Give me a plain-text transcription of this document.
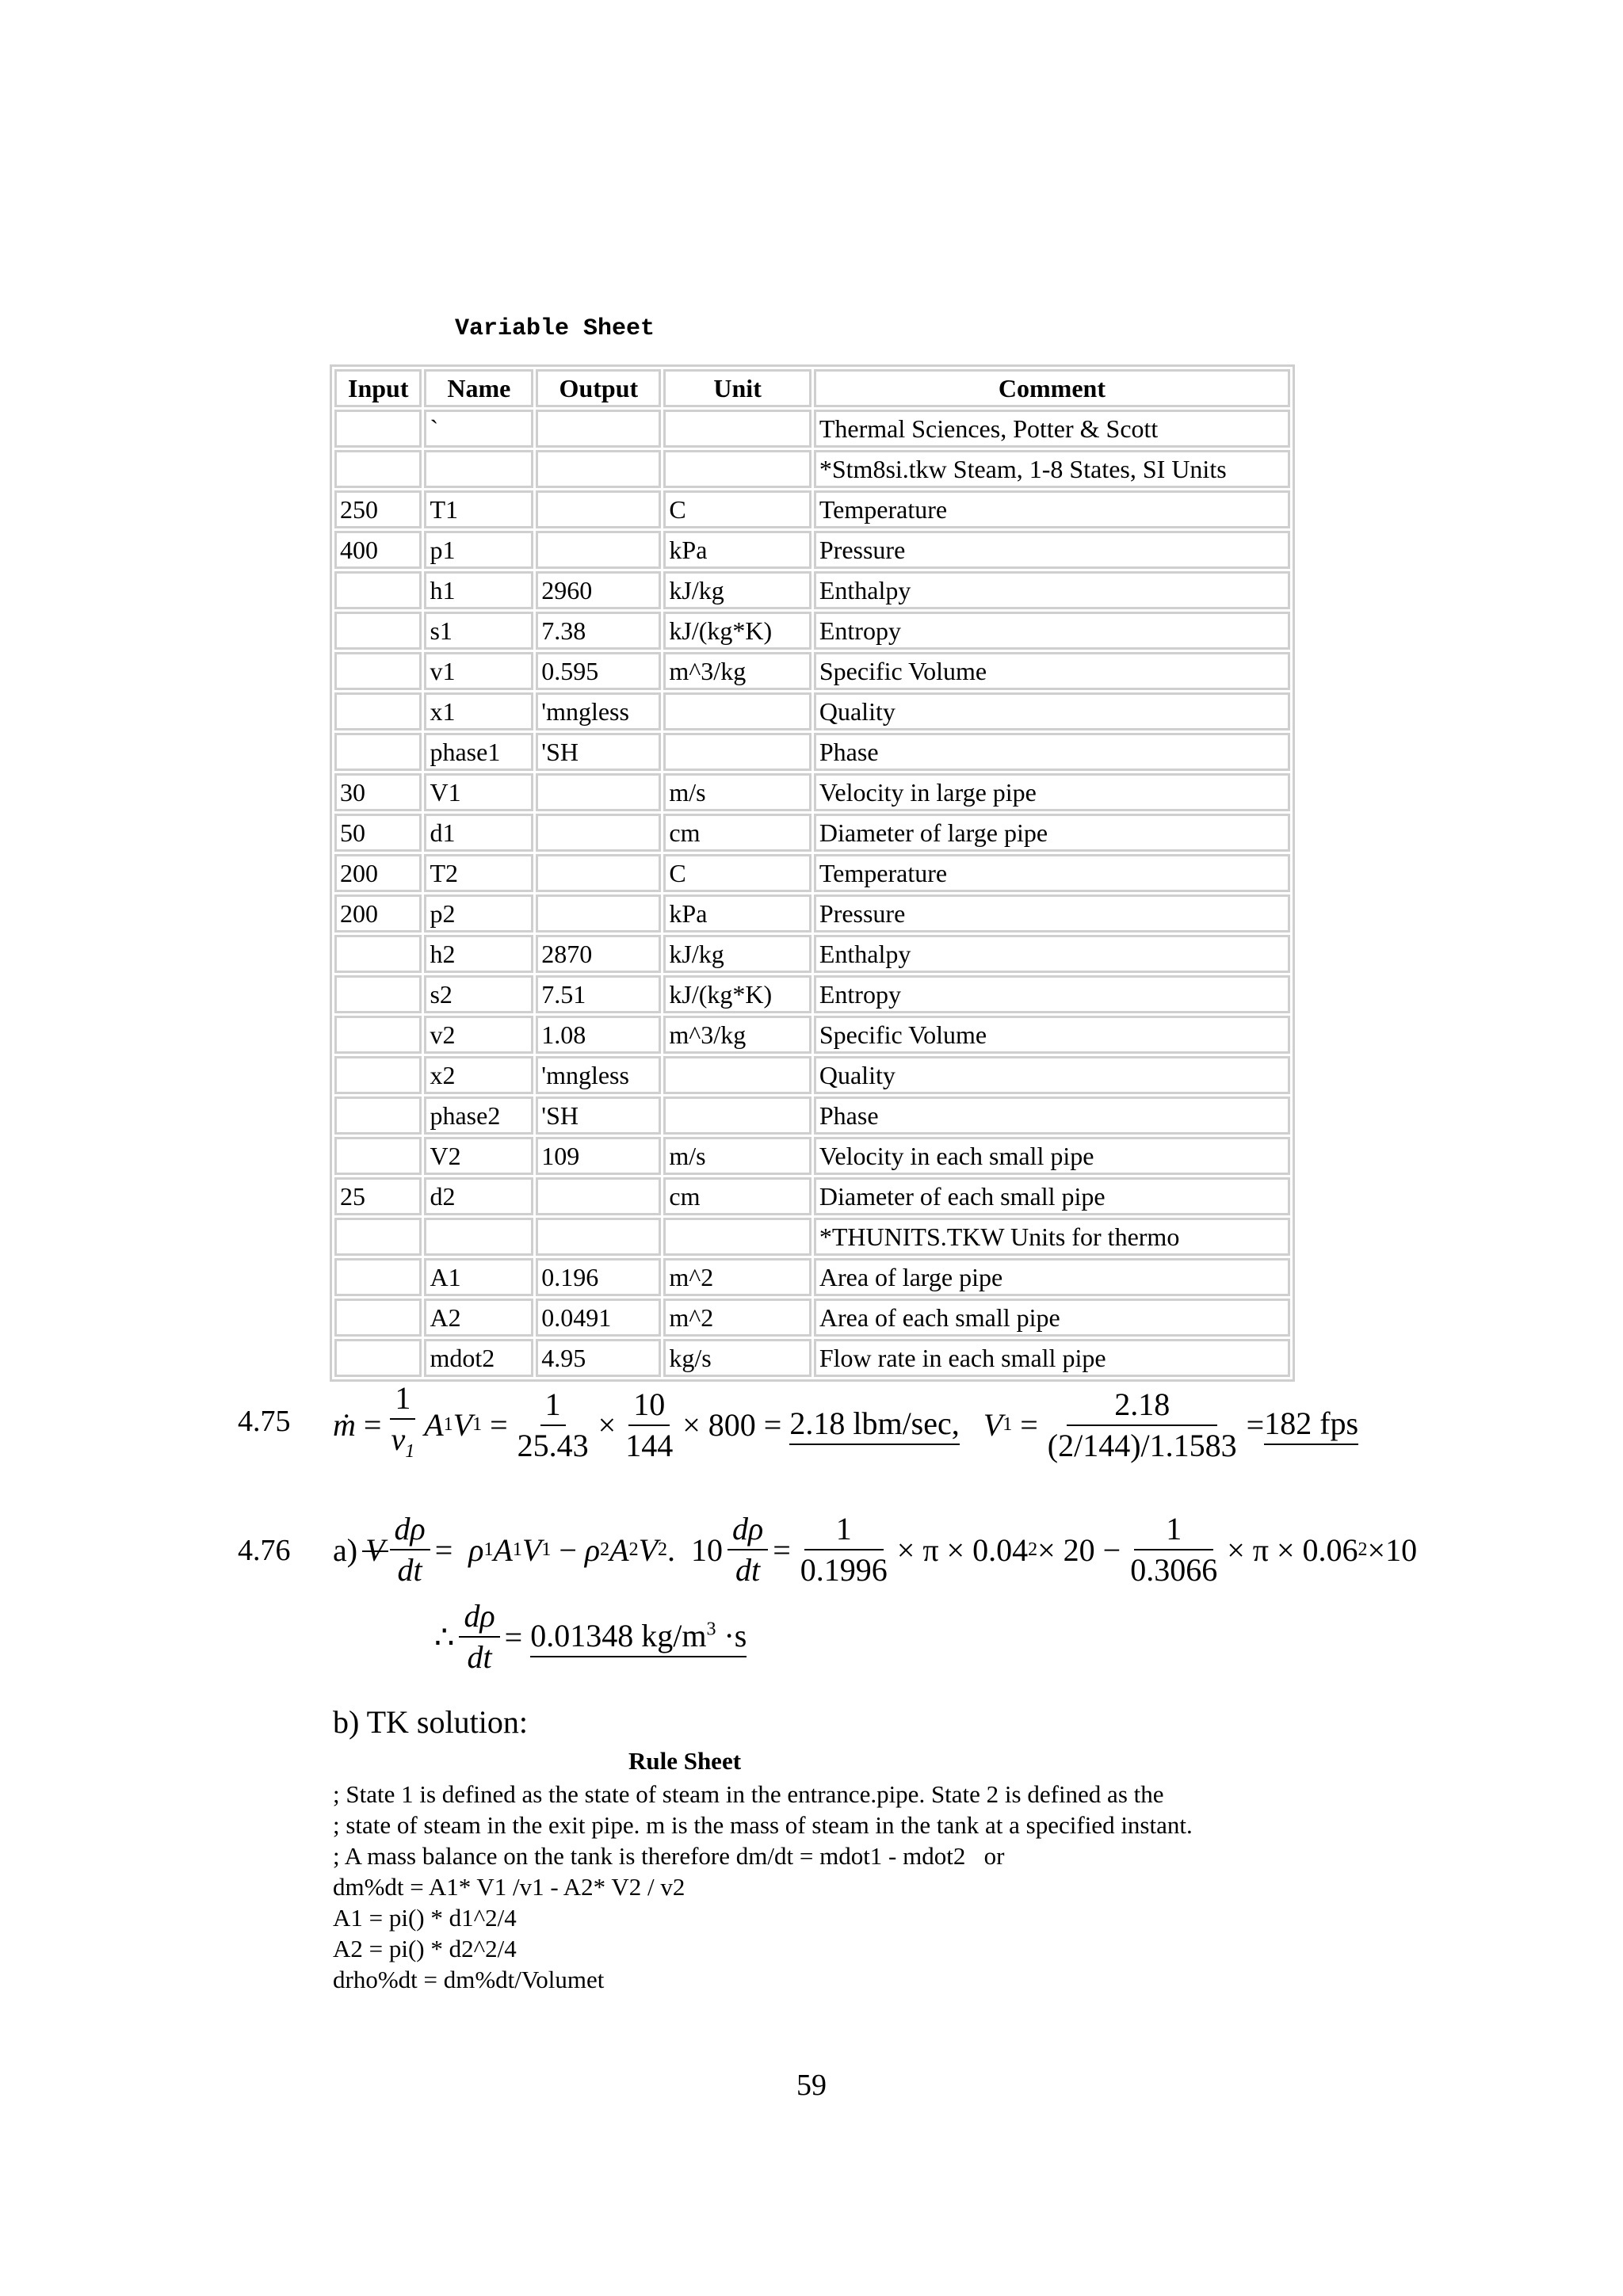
Variable Sheet
Input	Name	Output	Unit	Comment
	`			Thermal Sciences, Potter & Scott
				*Stm8si.tkw Steam, 1-8 States, SI Units
250	T1		C	Temperature
400	p1		kPa	Pressure
	h1	2960	kJ/kg	Enthalpy
	s1	7.38	kJ/(kg*K)	Entropy
	v1	0.595	m^3/kg	Specific Volume
	x1	'mngless		Quality
	phase1	'SH		Phase
30	V1		m/s	Velocity in large pipe
50	d1		cm	Diameter of large pipe
200	T2		C	Temperature
200	p2		kPa	Pressure
	h2	2870	kJ/kg	Enthalpy
	s2	7.51	kJ/(kg*K)	Entropy
	v2	1.08	m^3/kg	Specific Volume
	x2	'mngless		Quality
	phase2	'SH		Phase
	V2	109	m/s	Velocity in each small pipe
25	d2		cm	Diameter of each small pipe
				*THUNITS.TKW Units for thermo
	A1	0.196	m^2	Area of large pipe
	A2	0.0491	m^2	Area of each small pipe
	mdot2	4.95	kg/s	Flow rate in each small pipe
4.75 ṁ = $\frac{1}{v_1}$ A 1 V $1 = \frac{1}{25.43} \times \frac{10}{144} \times 800$ =
2.18 lbm/sec,
V $1 = \frac{2.18}{(2/144)/1.1583} = 182$ fps
4.76 a)
V $\frac{d\rho}{dt} = \rho$ 1 A 1 V 1 − ρ 2 A 2 V 2 . $10 \frac{d\rho}{dt} = \frac{1}{0.1996} \times \pi \times 0.04$ $2 \times 20 - \frac{1}{0.3066} \times \pi \times 0.06$ 2 ×10
∴ $\frac{d\rho}{dt} = 0.01348$ $kg/m^3 \cdot s$
b) TK solution:
Rule Sheet
; State 1 is defined as the state of steam in the entrance.pipe. State 2 is defined as the
; state of steam in the exit pipe. m is the mass of steam in the tank at a specified instant.
; A mass balance on the tank is therefore dm/dt = mdot1 - mdot2   or
dm%dt = A1* V1 /v1 - A2* V2 / v2
A1 = pi() * d1^2/4
A2 = pi() * d2^2/4
drho%dt = dm%dt/Volumet
59
